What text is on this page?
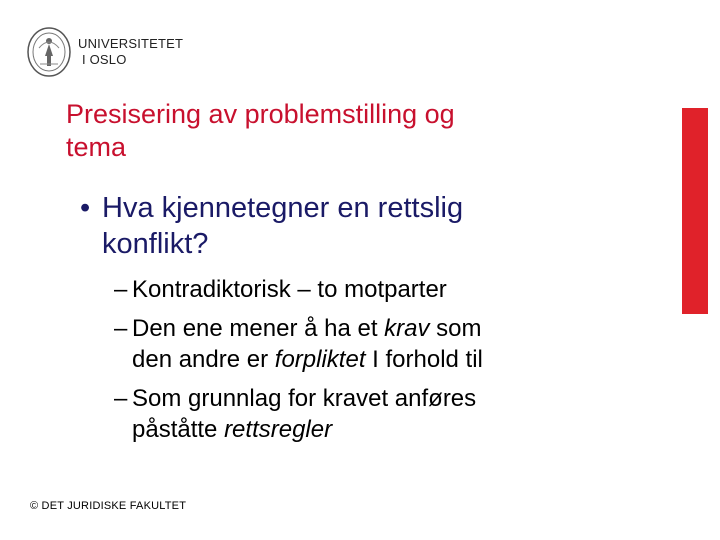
UNIVERSITETET
I OSLO
Presisering av problemstilling og
tema
• Hva kjennetegner en rettslig
konflikt?
– Kontradiktorisk – to motparter
– Den ene mener å ha et krav som
den andre er forpliktet I forhold til
– Som grunnlag for kravet anføres
påståtte rettsregler
© DET JURIDISKE FAKULTET
